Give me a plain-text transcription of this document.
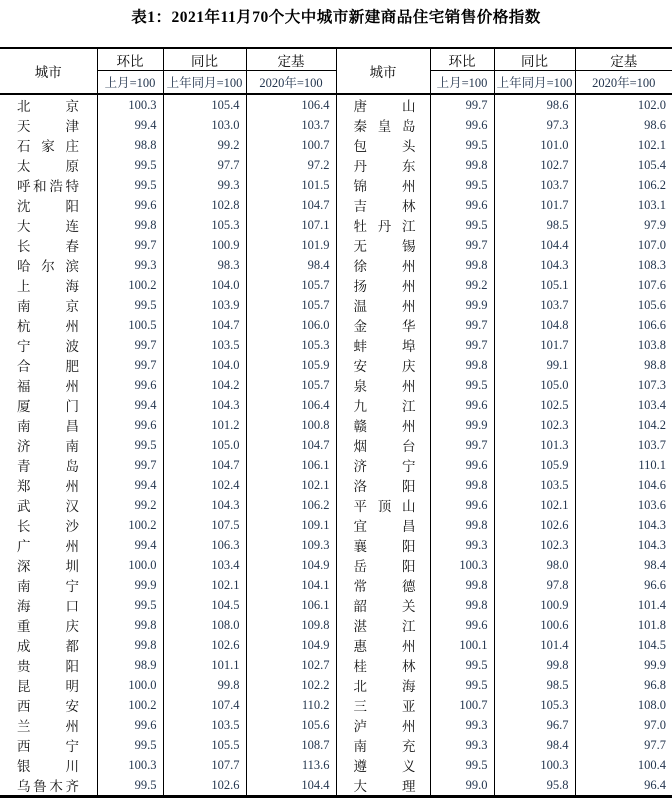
表1：2021年11月70个大中城市新建商品住宅销售价格指数
城市	环比	同比	定基	城市	环比	同比	定基
	上月=100	上年同月=100	2020年=100		上月=100	上年同月=100	2020年=100
北京	100.3	105.4	106.4	唐山	99.7	98.6	102.0
天津	99.4	103.0	103.7	秦皇岛	99.6	97.3	98.6
石家庄	98.8	99.2	100.7	包头	99.5	101.0	102.1
太原	99.5	97.7	97.2	丹东	99.8	102.7	105.4
呼和浩特	99.5	99.3	101.5	锦州	99.5	103.7	106.2
沈阳	99.6	102.8	104.7	吉林	99.6	101.7	103.1
大连	99.8	105.3	107.1	牡丹江	99.5	98.5	97.9
长春	99.7	100.9	101.9	无锡	99.7	104.4	107.0
哈尔滨	99.3	98.3	98.4	徐州	99.8	104.3	108.3
上海	100.2	104.0	105.7	扬州	99.2	105.1	107.6
南京	99.5	103.9	105.7	温州	99.9	103.7	105.6
杭州	100.5	104.7	106.0	金华	99.7	104.8	106.6
宁波	99.7	103.5	105.3	蚌埠	99.7	101.7	103.8
合肥	99.7	104.0	105.9	安庆	99.8	99.1	98.8
福州	99.6	104.2	105.7	泉州	99.5	105.0	107.3
厦门	99.4	104.3	106.4	九江	99.6	102.5	103.4
南昌	99.6	101.2	100.8	赣州	99.9	102.3	104.2
济南	99.5	105.0	104.7	烟台	99.7	101.3	103.7
青岛	99.7	104.7	106.1	济宁	99.6	105.9	110.1
郑州	99.4	102.4	102.1	洛阳	99.8	103.5	104.6
武汉	99.2	104.3	106.2	平顶山	99.6	102.1	103.6
长沙	100.2	107.5	109.1	宜昌	99.8	102.6	104.3
广州	99.4	106.3	109.3	襄阳	99.3	102.3	104.3
深圳	100.0	103.4	104.9	岳阳	100.3	98.0	98.4
南宁	99.9	102.1	104.1	常德	99.8	97.8	96.6
海口	99.5	104.5	106.1	韶关	99.8	100.9	101.4
重庆	99.8	108.0	109.8	湛江	99.6	100.6	101.8
成都	99.8	102.6	104.9	惠州	100.1	101.4	104.5
贵阳	98.9	101.1	102.7	桂林	99.5	99.8	99.9
昆明	100.0	99.8	102.2	北海	99.5	98.5	96.8
西安	100.2	107.4	110.2	三亚	100.7	105.3	108.0
兰州	99.6	103.5	105.6	泸州	99.3	96.7	97.0
西宁	99.5	105.5	108.7	南充	99.3	98.4	97.7
银川	100.3	107.7	113.6	遵义	99.5	100.3	100.4
乌鲁木齐	99.5	102.6	104.4	大理	99.0	95.8	96.4
